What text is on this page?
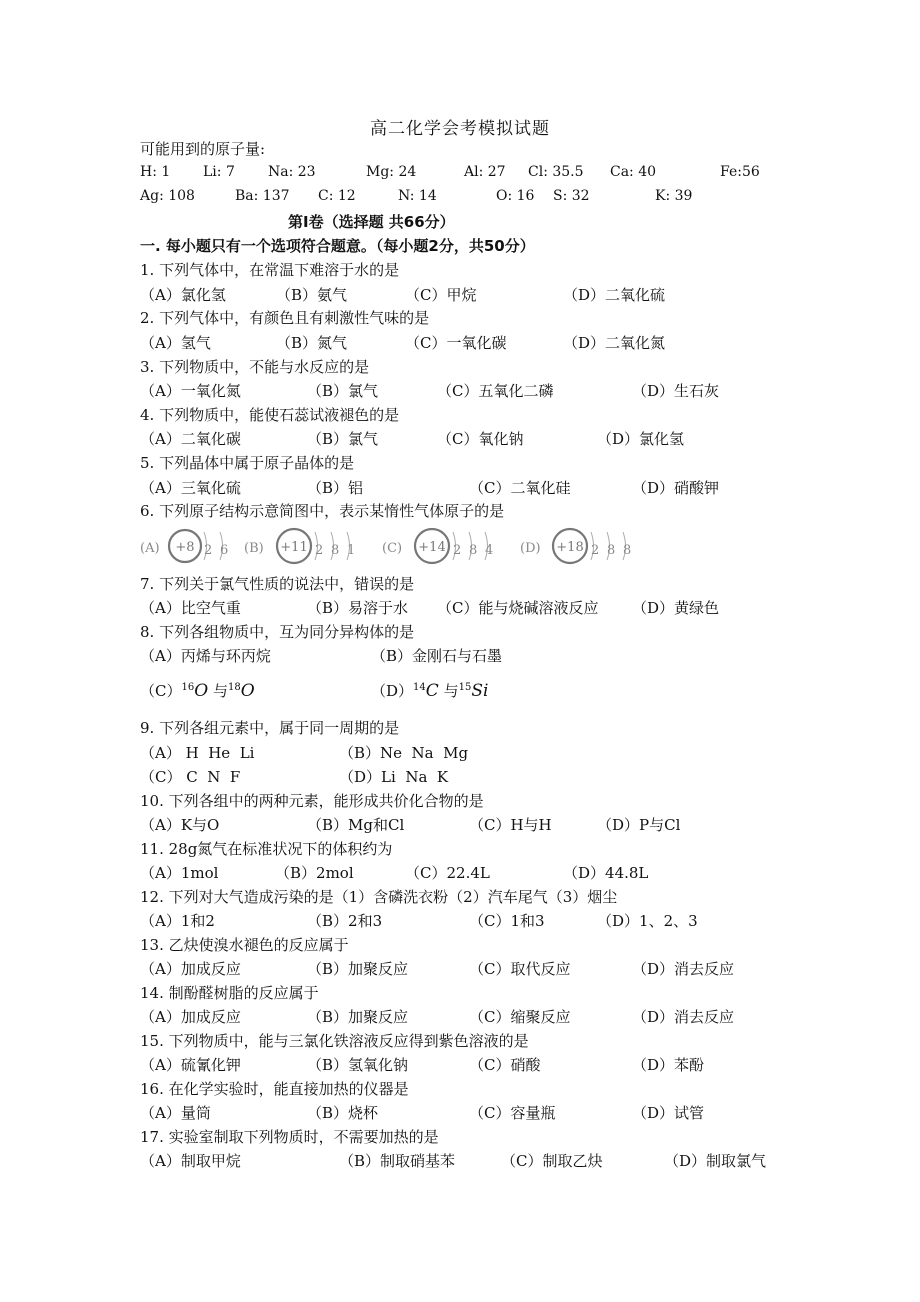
高二化学会考模拟试题
可能用到的原子量:
H: 1 Li: 7 Na: 23	Mg: 24	Al: 27 Cl: 35.5 Ca: 40	Fe:56
Ag: 108	Ba: 137 C: 12	N: 14	O: 16 S: 32	K: 39
第Ⅰ卷（选择题 共66分）
一. 每小题只有一个选项符合题意。（每小题2分，共50分）
1. 下列气体中，在常温下难溶于水的是
（A）氯化氢	（B）氨气	（C）甲烷	（D）二氧化硫
2. 下列气体中，有颜色且有刺激性气味的是
（A）氢气	（B）氮气	（C）一氧化碳	（D）二氧化氮
3. 下列物质中，不能与水反应的是
（A）一氧化氮	（B）氯气	（C）五氧化二磷	（D）生石灰
4. 下列物质中，能使石蕊试液褪色的是
（A）二氧化碳	（B）氯气	（C）氧化钠	（D）氯化氢
5. 下列晶体中属于原子晶体的是
（A）三氧化硫	（B）铝	（C）二氧化硅	（D）硝酸钾
6. 下列原子结构示意简图中，表示某惰性气体原子的是
(A) +8 2 6 (B) +11 2 8 1 (C) +14 2 8 4 (D) +18 2 8 8
7. 下列关于氯气性质的说法中，错误的是
（A）比空气重	（B）易溶于水 （C）能与烧碱溶液反应 （D）黄绿色
8. 下列各组物质中，互为同分异构体的是
（A）丙烯与环丙烷	（B）金刚石与石墨
$(C)^{16}O$ 与$^{18}$O	$(D)^{14}C$ 与$^{15}$Si
9. 下列各组元素中，属于同一周期的是
（A） H  He  Li	（B）Ne  Na  Mg
（C） C  N  F	（D）Li  Na  K
10. 下列各组中的两种元素，能形成共价化合物的是
（A）K与O	（B）Mg和Cl	（C）H与H	（D）P与Cl
11. 28g氮气在标准状况下的体积约为
（A）1mol	（B）2mol	（C）22.4L	（D）44.8L
12. 下列对大气造成污染的是（1）含磷洗衣粉（2）汽车尾气（3）烟尘
（A）1和2	（B）2和3	（C）1和3	（D）1、2、3
13. 乙炔使溴水褪色的反应属于
（A）加成反应	（B）加聚反应	（C）取代反应	（D）消去反应
14. 制酚醛树脂的反应属于
（A）加成反应	（B）加聚反应	（C）缩聚反应	（D）消去反应
15. 下列物质中，能与三氯化铁溶液反应得到紫色溶液的是
（A）硫氰化钾	（B）氢氧化钠	（C）硝酸	（D）苯酚
16. 在化学实验时，能直接加热的仪器是
（A）量筒	（B）烧杯	（C）容量瓶	（D）试管
17. 实验室制取下列物质时，不需要加热的是
（A）制取甲烷	（B）制取硝基苯	（C）制取乙炔	（D）制取氯气
